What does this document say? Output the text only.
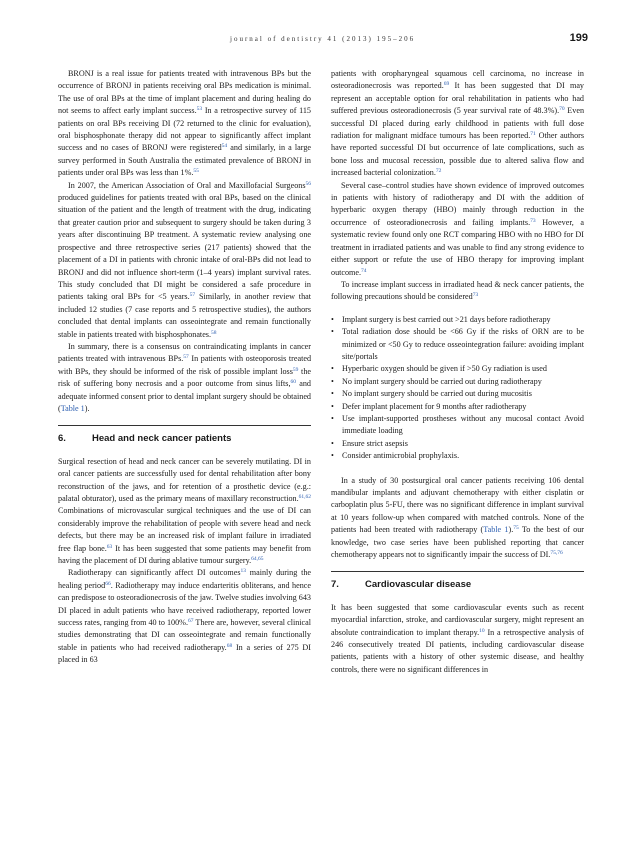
journal of dentistry 41 (2013) 195–206	199

BRONJ is a real issue for patients treated with intravenous BPs but the occurrence of BRONJ in patients receiving oral BPs medication is minimal. The use of oral BPs at the time of implant placement and during healing do not seems to affect early implant success.$^{53}$ In a retrospective survey of 115 patients on oral BPs receiving DI (72 returned to the clinic for evaluation), oral bisphosphonate therapy did not appear to significantly affect implant success and no cases of BRONJ were registered$^{54}$ and similarly, in a large survey performed in South Australia the estimated prevalence of BRONJ in patients under oral BPs was less than 1%.$^{55}$

In 2007, the American Association of Oral and Maxillofacial Surgeons$^{56}$ produced guidelines for patients treated with oral BPs, based on the clinical situation of the patient and the length of treatment with the drug, indicating that greater caution prior and subsequent to surgery should be taken during 3 years after discontinuing BP treatment. A systematic review analysing one prospective and three retrospective series (217 patients) showed that the placement of a DI in patients with chronic intake of oral-BPs did not lead to BRONJ and did not influence short-term (1–4 years) implant survival rates. This study concluded that DI might be considered a safe procedure in patients taking oral BPs for <5 years.$^{57}$ Similarly, in another review that included 12 studies (7 case reports and 5 retrospective studies), the authors concluded that dental implants can osseointegrate and remain functionally stable in patients treated with bisphosphonates.$^{58}$

In summary, there is a consensus on contraindicating implants in cancer patients treated with intravenous BPs.$^{57}$ In patients with osteoporosis treated with BPs, they should be informed of the risk of possible implant loss$^{59}$ the risk of suffering bony necrosis and a poor outcome from sinus lifts,$^{60}$ and adequate informed consent prior to dental implant surgery should be obtained (Table 1).

6.	Head and neck cancer patients

Surgical resection of head and neck cancer can be severely mutilating. DI in oral cancer patients are successfully used for dental rehabilitation after bony reconstruction of the jaws, and for retention of a prosthetic device (e.g.: palatal obturator), used as the primary means of maxillary reconstruction.$^{61,62}$ Combinations of microvascular surgical techniques and the use of DI can considerably improve the rehabilitation of people with severe head and neck defects, but there may be an increased risk of implant failure in irradiated free flap bone.$^{63}$ It has been suggested that some patients may benefit from having the placement of DI during ablative tumour surgery.$^{64,65}$

Radiotherapy can significantly affect DI outcomes$^{13}$ mainly during the healing period$^{66}$. Radiotherapy may induce endarteritis obliterans, and hence can predispose to osteoradionecrosis of the jaw. Twelve studies involving 643 DI placed in adult patients who have received radiotherapy, reported lower success rates, ranging from 40 to 100%.$^{67}$ There are, however, several clinical studies demonstrating that DI can osseointegrate and remain functionally stable in patients who had received radiotherapy.$^{68}$ In a series of 275 DI placed in 63

patients with oropharyngeal squamous cell carcinoma, no increase in osteoradionecrosis was reported.$^{69}$ It has been suggested that DI may represent an acceptable option for oral rehabilitation in patients who had suffered previous osteoradionecrosis (5 year survival rate of 48.3%).$^{70}$ Even successful DI placed during early childhood in patients with full dose radiation for malignant midface tumours has been reported.$^{71}$ Other authors have reported successful DI but occurrence of late complications, such as bone loss and mucosal recession, possible due to altered saliva flow and increased bacterial colonization.$^{72}$

Several case–control studies have shown evidence of improved outcomes in patients with history of radiotherapy and DI with the addition of hyperbaric oxygen therapy (HBO) mainly through reduction in the occurrence of osteoradionecrosis and failing implants.$^{73}$ However, a systematic review found only one RCT comparing HBO with no HBO for DI treatment in irradiated patients and was unable to find any strong evidence to either support or refute the use of HBO therapy for improving implant outcome.$^{74}$

To increase implant success in irradiated head & neck cancer patients, the following precautions should be considered$^{73}$

• Implant surgery is best carried out >21 days before radiotherapy
• Total radiation dose should be <66 Gy if the risks of ORN are to be minimized or <50 Gy to reduce osseointegration failure: avoiding implant site/portals
• Hyperbaric oxygen should be given if >50 Gy radiation is used
• No implant surgery should be carried out during radiotherapy
• No implant surgery should be carried out during mucositis
• Defer implant placement for 9 months after radiotherapy
• Use implant-supported prostheses without any mucosal contact Avoid immediate loading
• Ensure strict asepsis
• Consider antimicrobial prophylaxis.

In a study of 30 postsurgical oral cancer patients receiving 106 dental mandibular implants and adjuvant chemotherapy with either cisplatin or carboplatin plus 5-FU, there was no significant difference in implant survival at 10 years follow-up when compared with matched controls. None of the patients had been treated with radiotherapy (Table 1).$^{75}$ To the best of our knowledge, two case series have been published reporting that cancer chemotherapy appears not to significantly impair the success of DI.$^{75,76}$

7.	Cardiovascular disease

It has been suggested that some cardiovascular events such as recent myocardial infarction, stroke, and cardiovascular surgery, might represent an absolute contraindication to implant therapy.$^{10}$ In a retrospective analysis of 246 consecutively treated DI patients, including cardiovascular disease patients, patients with a history of other systemic disease, and healthy controls, there were no significant differences in
